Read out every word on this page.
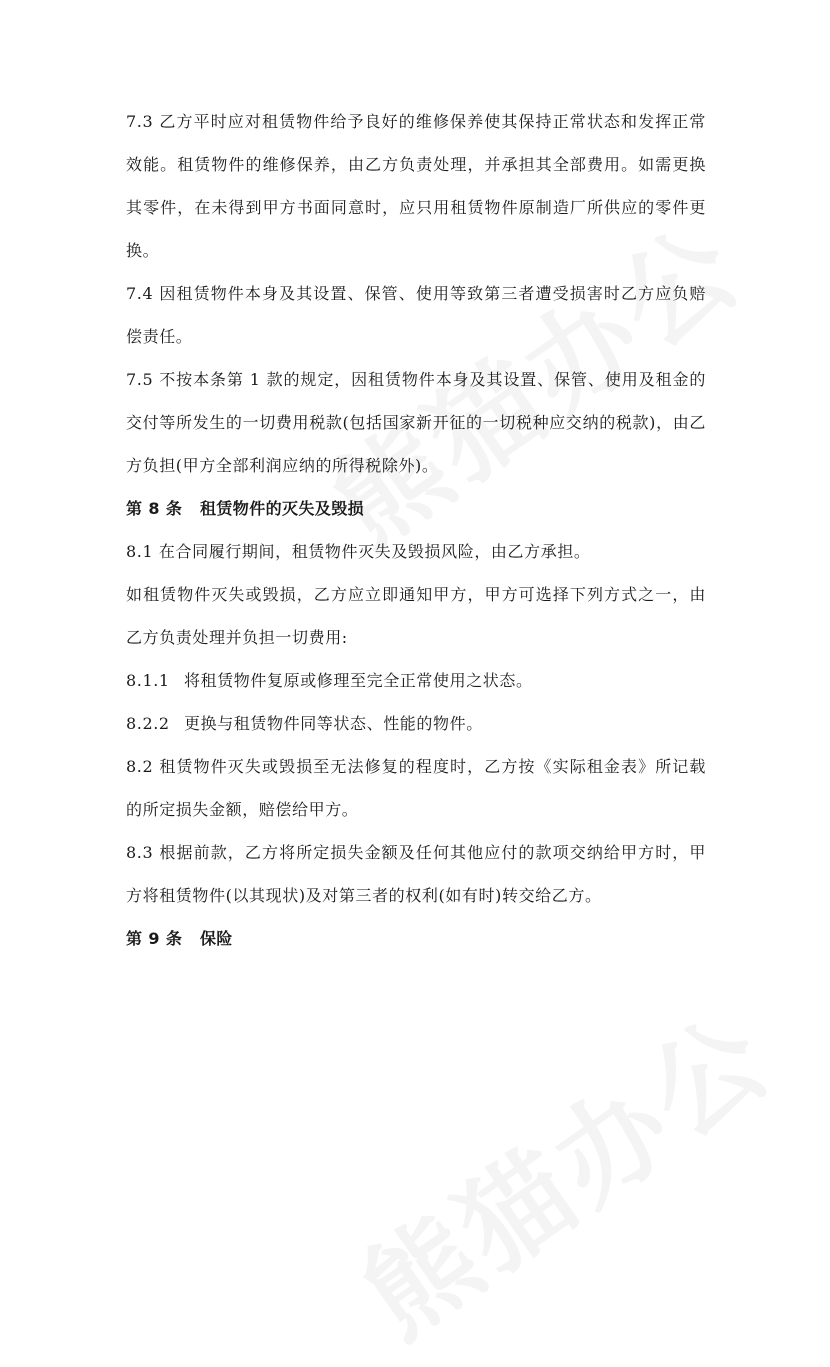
7.3 乙方平时应对租赁物件给予良好的维修保养使其保持正常状态和发挥正常效能。租赁物件的维修保养，由乙方负责处理，并承担其全部费用。如需更换其零件，在未得到甲方书面同意时，应只用租赁物件原制造厂所供应的零件更换。

7.4 因租赁物件本身及其设置、保管、使用等致第三者遭受损害时乙方应负赔偿责任。

7.5 不按本条第 1 款的规定，因租赁物件本身及其设置、保管、使用及租金的交付等所发生的一切费用税款(包括国家新开征的一切税种应交纳的税款)，由乙方负担(甲方全部利润应纳的所得税除外)。

第 8 条 租赁物件的灭失及毁损

8.1 在合同履行期间，租赁物件灭失及毁损风险，由乙方承担。

如租赁物件灭失或毁损，乙方应立即通知甲方，甲方可选择下列方式之一，由乙方负责处理并负担一切费用:

8.1.1 将租赁物件复原或修理至完全正常使用之状态。

8.2.2 更换与租赁物件同等状态、性能的物件。

8.2 租赁物件灭失或毁损至无法修复的程度时，乙方按《实际租金表》所记载的所定损失金额，赔偿给甲方。

8.3 根据前款，乙方将所定损失金额及任何其他应付的款项交纳给甲方时，甲方将租赁物件(以其现状)及对第三者的权利(如有时)转交给乙方。

第 9 条 保险
